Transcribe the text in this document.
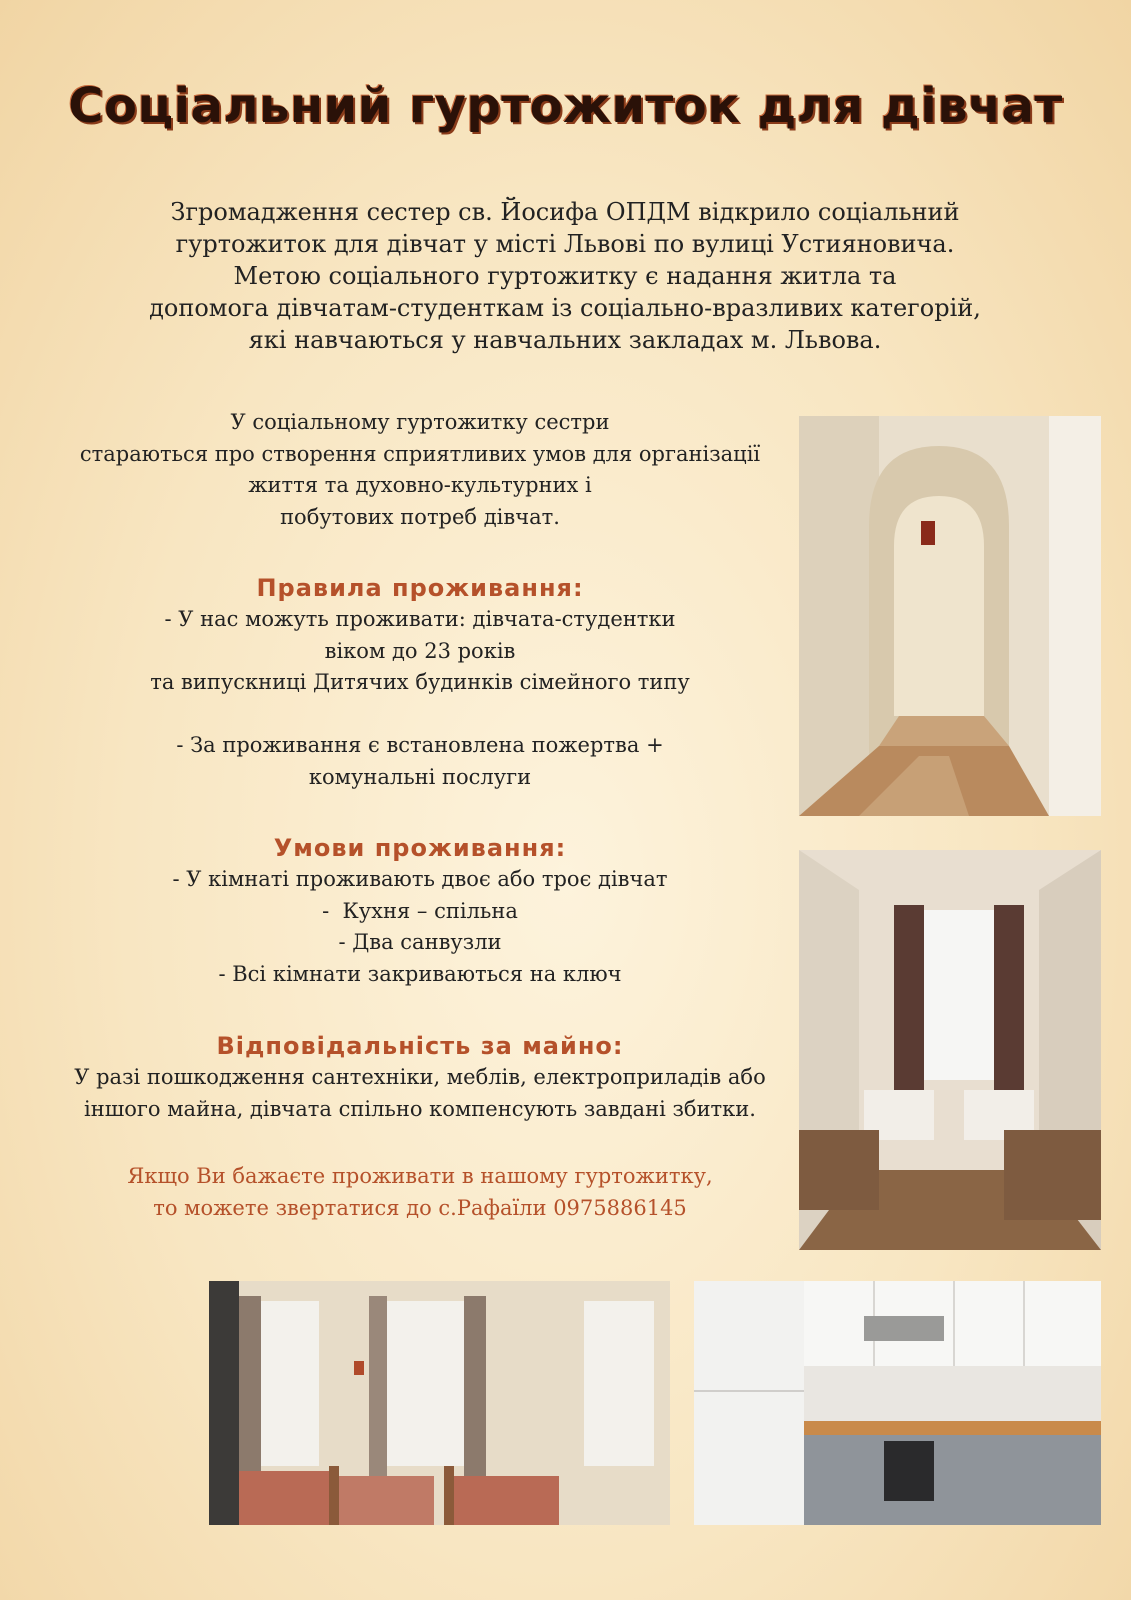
Соціальний гуртожиток для дівчат
Згромадження сестер св. Йосифа ОПДМ відкрило соціальний
гуртожиток для дівчат у місті Львові по вулиці Устияновича.
Метою соціального гуртожитку є надання житла та
допомога дівчатам-студенткам із соціально-вразливих категорій,
які навчаються у навчальних закладах м. Львова.
У соціальному гуртожитку сестри
стараються про створення сприятливих умов для організації
життя та духовно-культурних і
побутових потреб дівчат.
Правила проживання:
- У нас можуть проживати: дівчата-студентки
віком до 23 років
та випускниці Дитячих будинків сімейного типу
- За проживання є встановлена пожертва +
комунальні послуги
Умови проживання:
- У кімнаті проживають двоє або троє дівчат
-  Кухня – спільна
- Два санвузли
- Всі кімнати закриваються на ключ
Відповідальність за майно:
У разі пошкодження сантехніки, меблів, електроприладів або
іншого майна, дівчата спільно компенсують завдані збитки.
Якщо Ви бажаєте проживати в нашому гуртожитку,
то можете звертатися до с.Рафаїли 0975886145
